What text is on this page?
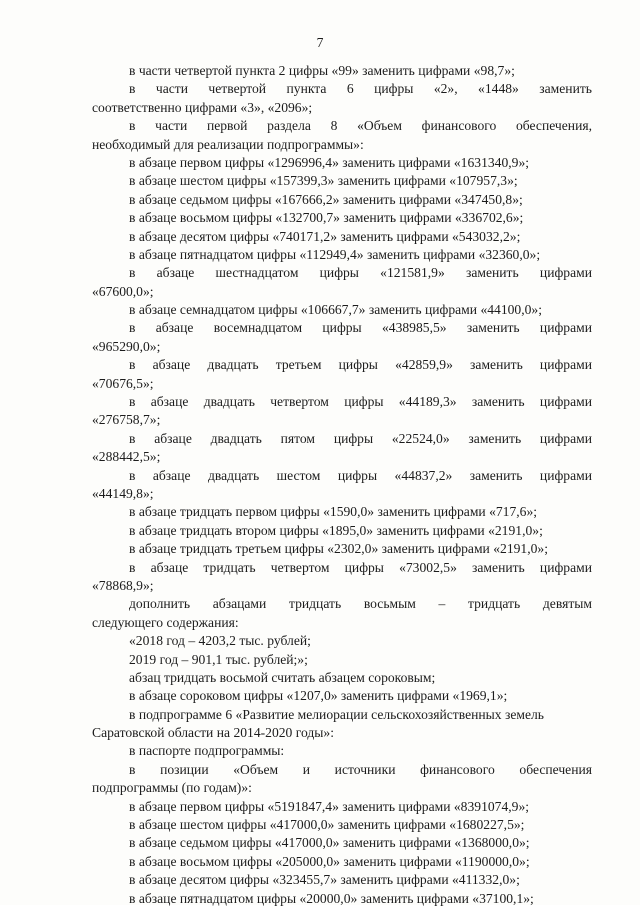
7
в части четвертой пункта 2 цифры «99» заменить цифрами «98,7»;
в части четвертой пункта 6 цифры «2», «1448» заменить
соответственно цифрами «3», «2096»;
в части первой раздела 8 «Объем финансового обеспечения,
необходимый для реализации подпрограммы»:
в абзаце первом цифры «1296996,4» заменить цифрами «1631340,9»;
в абзаце шестом цифры «157399,3» заменить цифрами «107957,3»;
в абзаце седьмом цифры «167666,2» заменить цифрами «347450,8»;
в абзаце восьмом цифры «132700,7» заменить цифрами «336702,6»;
в абзаце десятом цифры «740171,2» заменить цифрами «543032,2»;
в абзаце пятнадцатом цифры «112949,4» заменить цифрами «32360,0»;
в абзаце шестнадцатом цифры «121581,9» заменить цифрами
«67600,0»;
в абзаце семнадцатом цифры «106667,7» заменить цифрами «44100,0»;
в абзаце восемнадцатом цифры «438985,5» заменить цифрами
«965290,0»;
в абзаце двадцать третьем цифры «42859,9» заменить цифрами
«70676,5»;
в абзаце двадцать четвертом цифры «44189,3» заменить цифрами
«276758,7»;
в абзаце двадцать пятом цифры «22524,0» заменить цифрами
«288442,5»;
в абзаце двадцать шестом цифры «44837,2» заменить цифрами
«44149,8»;
в абзаце тридцать первом цифры «1590,0» заменить цифрами «717,6»;
в абзаце тридцать втором цифры «1895,0» заменить цифрами «2191,0»;
в абзаце тридцать третьем цифры «2302,0» заменить цифрами «2191,0»;
в абзаце тридцать четвертом цифры «73002,5» заменить цифрами
«78868,9»;
дополнить абзацами тридцать восьмым – тридцать девятым
следующего содержания:
«2018 год – 4203,2 тыс. рублей;
2019 год – 901,1 тыс. рублей;»;
абзац тридцать восьмой считать абзацем сороковым;
в абзаце сороковом цифры «1207,0» заменить цифрами «1969,1»;
в подпрограмме 6 «Развитие мелиорации сельскохозяйственных земель
Саратовской области на 2014-2020 годы»:
в паспорте подпрограммы:
в позиции «Объем и источники финансового обеспечения
подпрограммы (по годам)»:
в абзаце первом цифры «5191847,4» заменить цифрами «8391074,9»;
в абзаце шестом цифры «417000,0» заменить цифрами «1680227,5»;
в абзаце седьмом цифры «417000,0» заменить цифрами «1368000,0»;
в абзаце восьмом цифры «205000,0» заменить цифрами «1190000,0»;
в абзаце десятом цифры «323455,7» заменить цифрами «411332,0»;
в абзаце пятнадцатом цифры «20000,0» заменить цифрами «37100,1»;
